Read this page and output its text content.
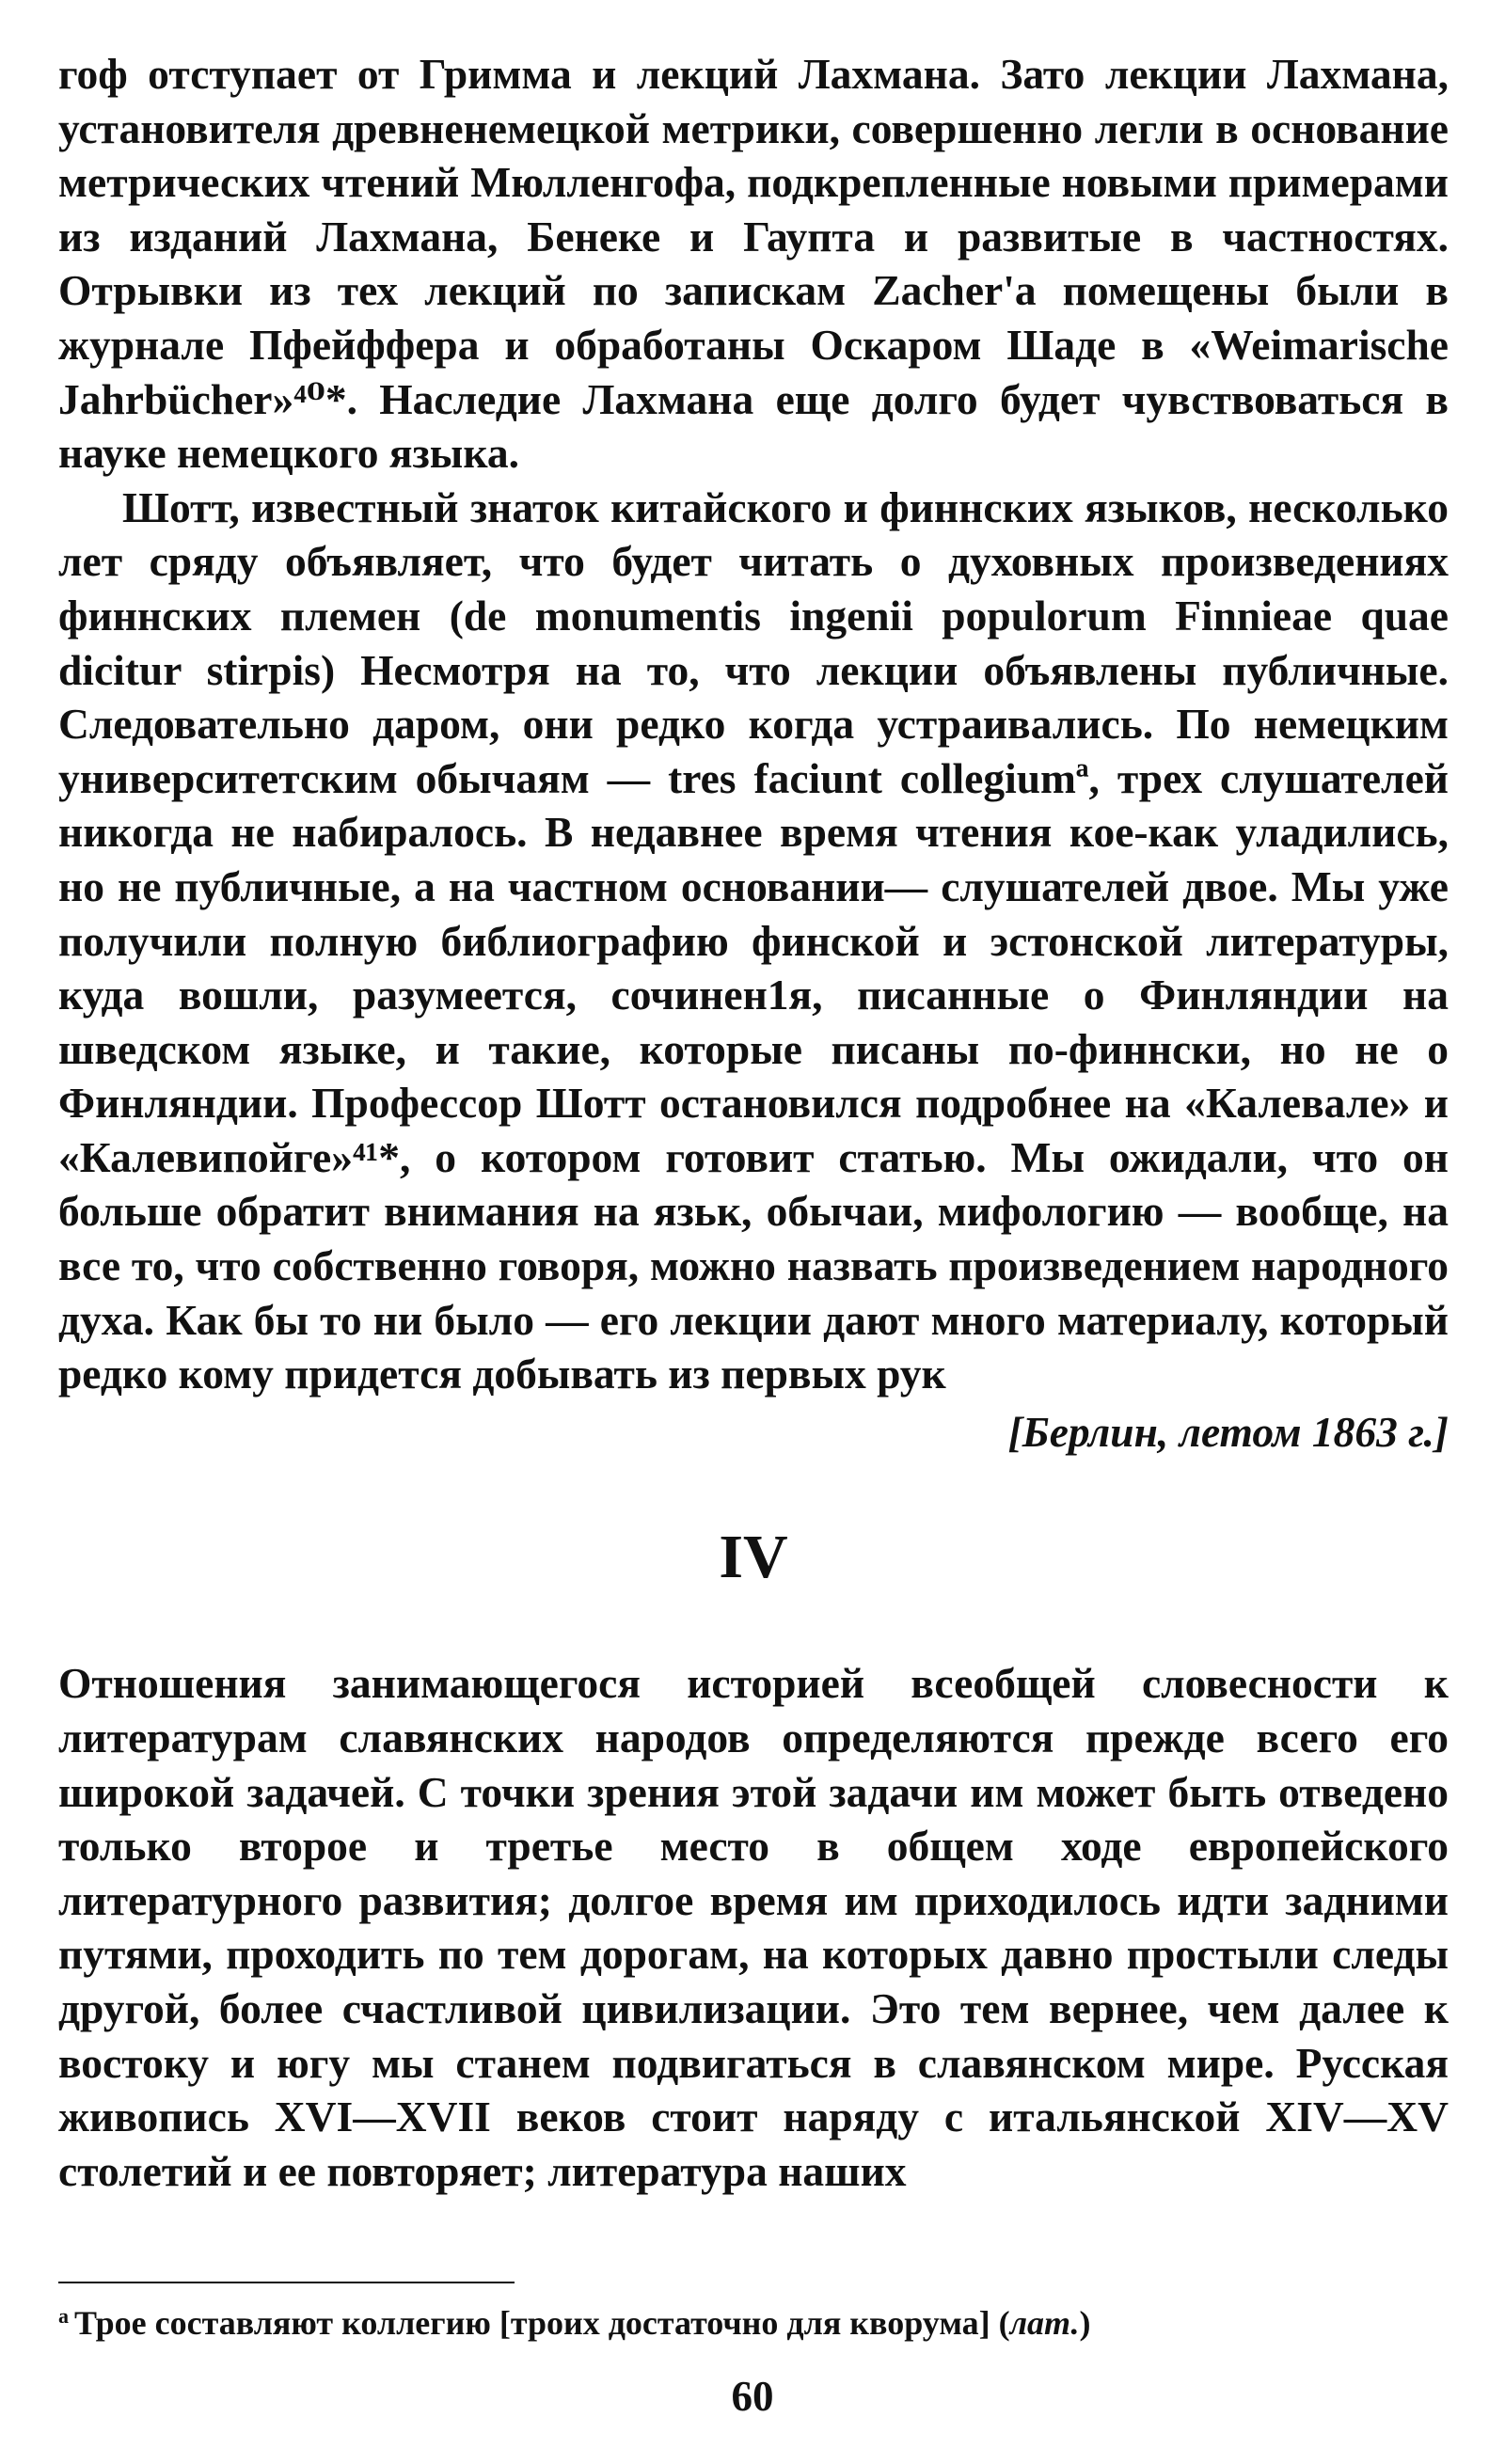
гоф отступает от Гримма и лекций Лахмана. Зато лекции Лахмана, установителя древненемецкой метрики, совершенно легли в основание метрических чтений Мюлленгофа, подкрепленные новыми примерами из изданий Лахмана, Бенеке и Гаупта и развитые в частностях. Отрывки из тех лекций по запискам Zacher'a помещены были в журнале Пфейффера и обработаны Оскаром Шаде в «Weimarische Jahrbücher»⁴⁰*. Наследие Лахмана еще долго будет чувствоваться в науке немецкого языка.

Шотт, известный знаток китайского и финнских языков, несколько лет сряду объявляет, что будет читать о духовных произведениях финнских племен (de monumentis ingenii populorum Finnieae quae dicitur stirpis) Несмотря на то, что лекции объявлены публичные. Следовательно даром, они редко когда устраивались. По немецким университетским обычаям — tres faciunt collegiumª, трех слушателей никогда не набиралось. В недавнее время чтения кое-как уладились, но не публичные, а на частном основании— слушателей двое. Мы уже получили полную библиографию финской и эстонской литературы, куда вошли, разумеется, сочинен1я, писанные о Финляндии на шведском языке, и такие, которые писаны по-финнски, но не о Финляндии. Профессор Шотт остановился подробнее на «Калевале» и «Калевипойге»⁴¹*, о котором готовит статью. Мы ожидали, что он больше обратит внимания на язьк, обычаи, мифологию — вообще, на все то, что собственно говоря, можно назвать произведением народного духа. Как бы то ни было — его лекции дают много материалу, который редко кому придется добывать из первых рук

[Берлин, летом 1863 г.]

IV

Отношения занимающегося историей всеобщей словесности к литературам славянских народов определяются прежде всего его широкой задачей. С точки зрения этой задачи им может быть отведено только второе и третье место в общем ходе европейского литературного развития; долгое время им приходилось идти задними путями, проходить по тем дорогам, на которых давно простыли следы другой, более счастливой цивилизации. Это тем вернее, чем далее к востоку и югу мы станем подвигаться в славянском мире. Русская живопись XVI—XVII веков стоит наряду с итальянской XIV—XV столетий и ее повторяет; литература наших

$^а$ Трое составляют коллегию [троих достаточно для кворума] (лат.)
60
